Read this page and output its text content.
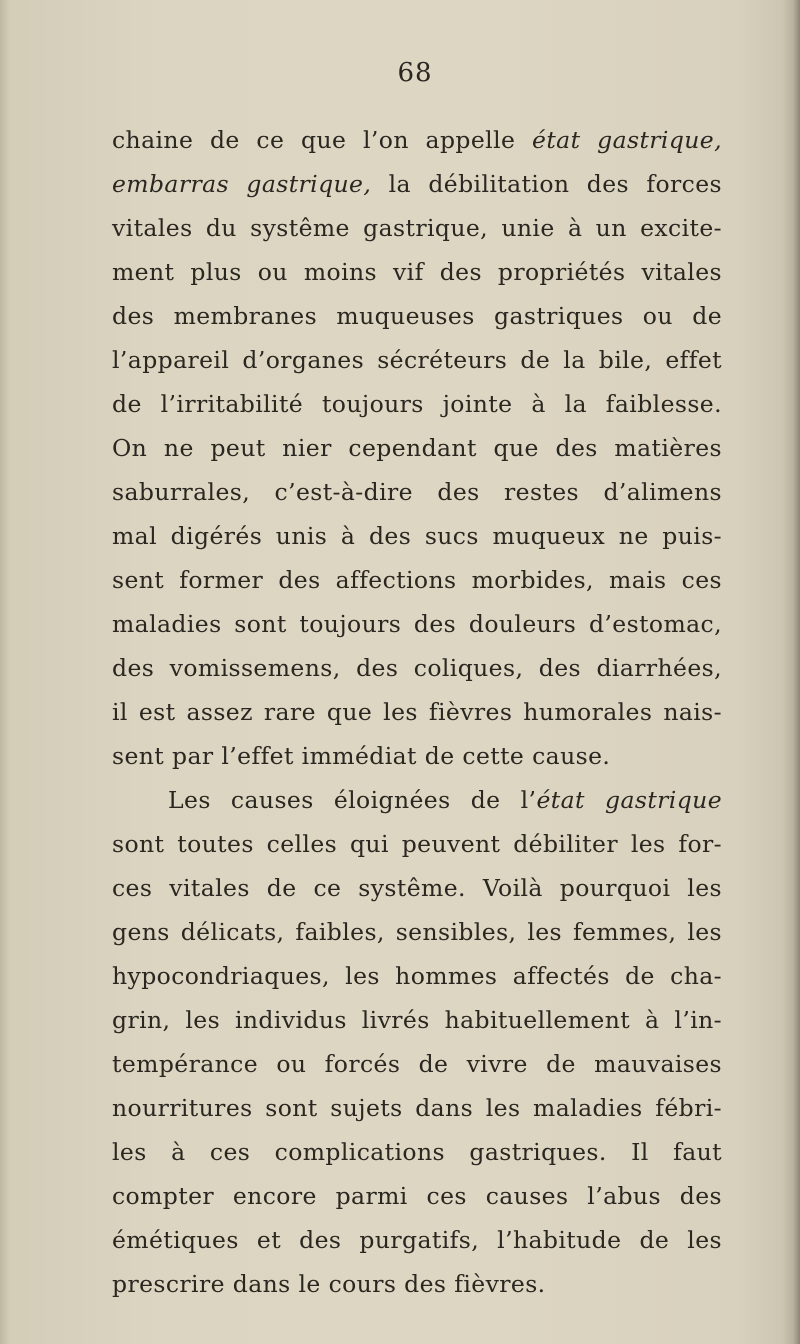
68
chaine de ce que l’on appelle état gastrique,
embarras gastrique, la débilitation des forces
vitales du systême gastrique, unie à un excite-
ment plus ou moins vif des propriétés vitales
des membranes muqueuses gastriques ou de
l’appareil d’organes sécréteurs de la bile, effet
de l’irritabilité toujours jointe à la faiblesse.
On ne peut nier cependant que des matières
saburrales, c’est-à-dire des restes d’alimens
mal digérés unis à des sucs muqueux ne puis-
sent former des affections morbides, mais ces
maladies sont toujours des douleurs d’estomac,
des vomissemens, des coliques, des diarrhées,
il est assez rare que les fièvres humorales nais-
sent par l’effet immédiat de cette cause.
Les causes éloignées de l’état gastrique
sont toutes celles qui peuvent débiliter les for-
ces vitales de ce systême. Voilà pourquoi les
gens délicats, faibles, sensibles, les femmes, les
hypocondriaques, les hommes affectés de cha-
grin, les individus livrés habituellement à l’in-
tempérance ou forcés de vivre de mauvaises
nourritures sont sujets dans les maladies fébri-
les à ces complications gastriques. Il faut
compter encore parmi ces causes l’abus des
émétiques et des purgatifs, l’habitude de les
prescrire dans le cours des fièvres.
